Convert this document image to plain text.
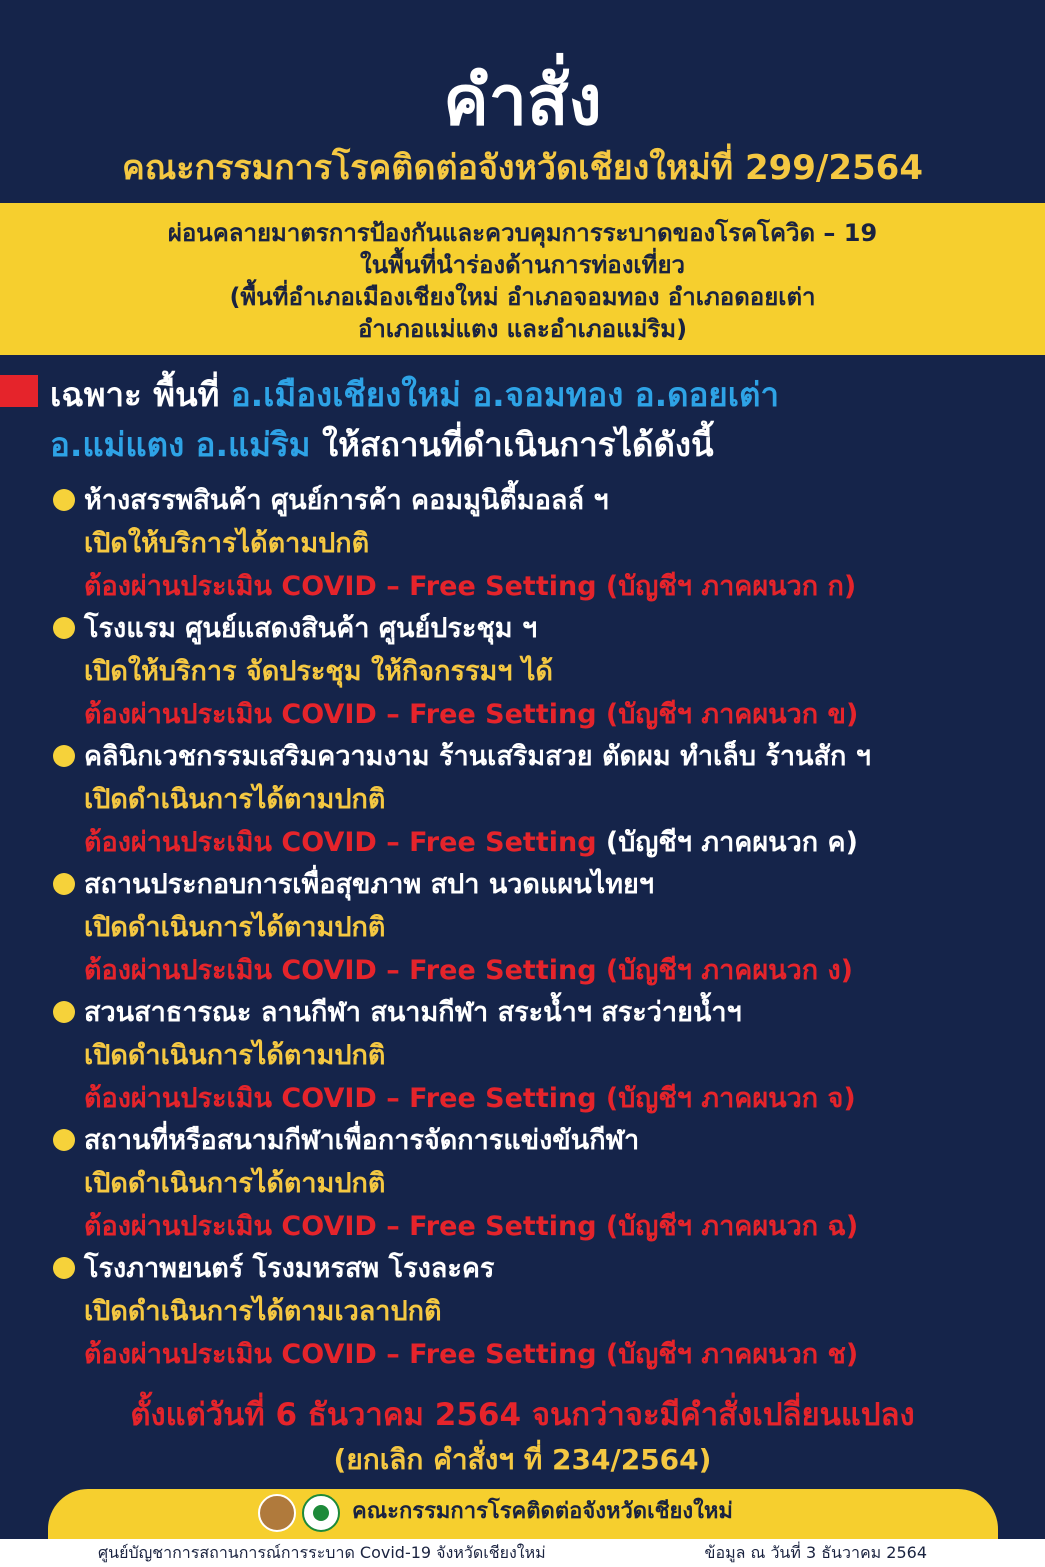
คำสั่ง
คณะกรรมการโรคติดต่อจังหวัดเชียงใหม่ที่ 299/2564
ผ่อนคลายมาตรการป้องกันและควบคุมการระบาดของโรคโควิด – 19
ในพื้นที่นำร่องด้านการท่องเที่ยว
(พื้นที่อำเภอเมืองเชียงใหม่ อำเภอจอมทอง อำเภอดอยเต่า
อำเภอแม่แตง และอำเภอแม่ริม)
เฉพาะ พื้นที่ อ.เมืองเชียงใหม่ อ.จอมทอง อ.ดอยเต่า
อ.แม่แตง อ.แม่ริม ให้สถานที่ดำเนินการได้ดังนี้
ห้างสรรพสินค้า ศูนย์การค้า คอมมูนิตี้มอลล์ ฯ
เปิดให้บริการได้ตามปกติ
ต้องผ่านประเมิน COVID – Free Setting (บัญชีฯ ภาคผนวก ก)
โรงแรม ศูนย์แสดงสินค้า ศูนย์ประชุม ฯ
เปิดให้บริการ จัดประชุม ให้กิจกรรมฯ ได้
ต้องผ่านประเมิน COVID – Free Setting (บัญชีฯ ภาคผนวก ข)
คลินิกเวชกรรมเสริมความงาม ร้านเสริมสวย ตัดผม ทำเล็บ ร้านสัก ฯ
เปิดดำเนินการได้ตามปกติ
ต้องผ่านประเมิน COVID – Free Setting (บัญชีฯ ภาคผนวก ค)
สถานประกอบการเพื่อสุขภาพ สปา นวดแผนไทยฯ
เปิดดำเนินการได้ตามปกติ
ต้องผ่านประเมิน COVID – Free Setting (บัญชีฯ ภาคผนวก ง)
สวนสาธารณะ ลานกีฬา สนามกีฬา สระน้ำฯ สระว่ายน้ำฯ
เปิดดำเนินการได้ตามปกติ
ต้องผ่านประเมิน COVID – Free Setting (บัญชีฯ ภาคผนวก จ)
สถานที่หรือสนามกีฬาเพื่อการจัดการแข่งขันกีฬา
เปิดดำเนินการได้ตามปกติ
ต้องผ่านประเมิน COVID – Free Setting (บัญชีฯ ภาคผนวก ฉ)
โรงภาพยนตร์ โรงมหรสพ โรงละคร
เปิดดำเนินการได้ตามเวลาปกติ
ต้องผ่านประเมิน COVID – Free Setting (บัญชีฯ ภาคผนวก ช)
ตั้งแต่วันที่ 6 ธันวาคม 2564 จนกว่าจะมีคำสั่งเปลี่ยนแปลง
(ยกเลิก คำสั่งฯ ที่ 234/2564)
คณะกรรมการโรคติดต่อจังหวัดเชียงใหม่
ศูนย์บัญชาการสถานการณ์การระบาด Covid-19 จังหวัดเชียงใหม่	ข้อมูล ณ วันที่ 3 ธันวาคม 2564
